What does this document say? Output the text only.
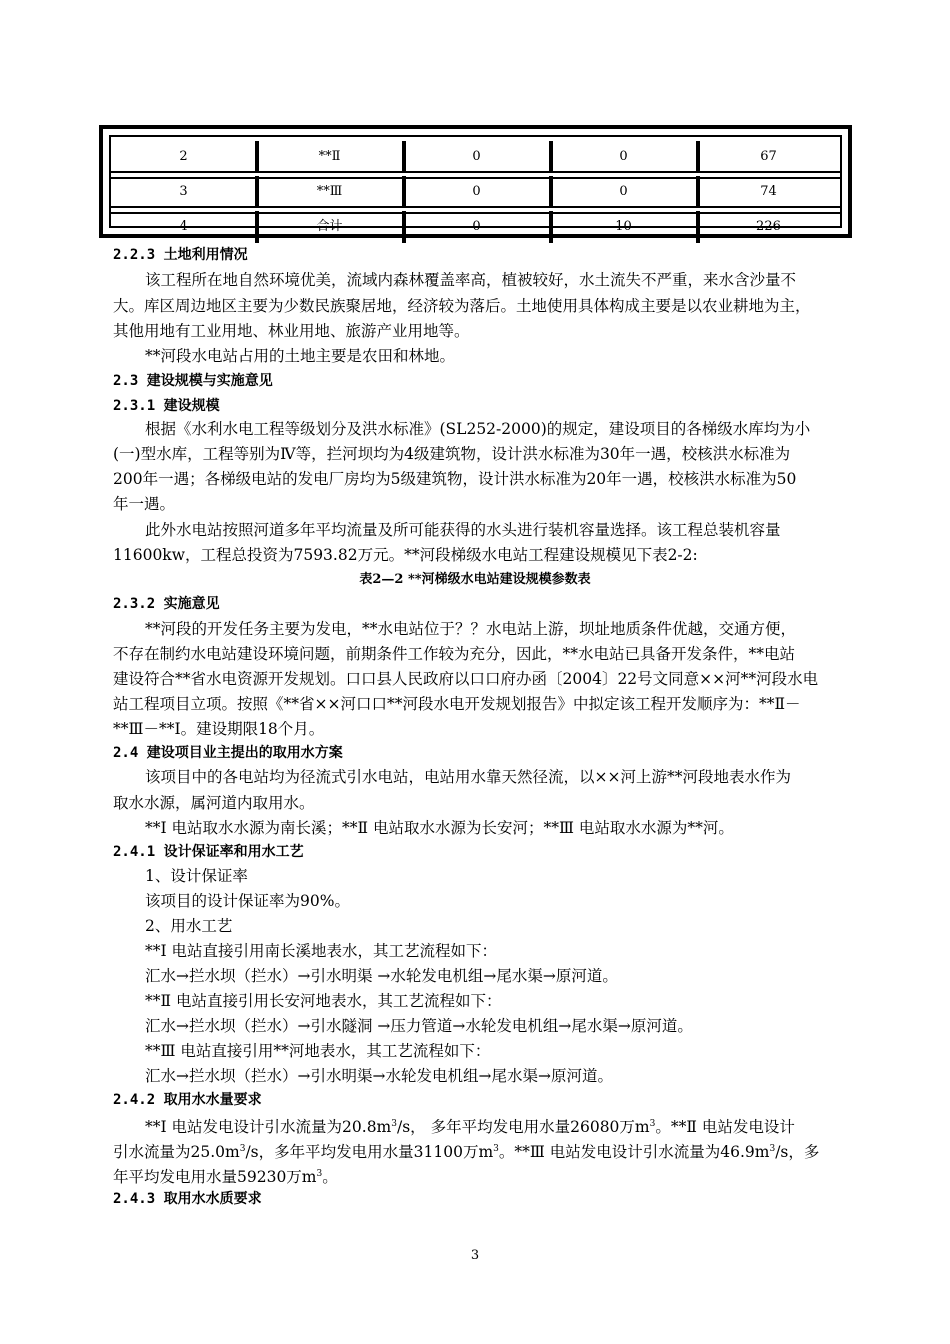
2	**Ⅱ	0	0	67
3	**Ⅲ	0	0	74
4	合计	0	10	226
2.2.3 土地利用情况
该工程所在地自然环境优美，流域内森林覆盖率高，植被较好，水土流失不严重，来水含沙量不
大。库区周边地区主要为少数民族聚居地，经济较为落后。土地使用具体构成主要是以农业耕地为主，
其他用地有工业用地、林业用地、旅游产业用地等。
**河段水电站占用的土地主要是农田和林地。
2.3 建设规模与实施意见
2.3.1 建设规模
根据《水利水电工程等级划分及洪水标准》(SL252-2000)的规定，建设项目的各梯级水库均为小
(一)型水库，工程等别为Ⅳ等，拦河坝均为4级建筑物，设计洪水标准为30年一遇，校核洪水标准为
200年一遇；各梯级电站的发电厂房均为5级建筑物，设计洪水标准为20年一遇，校核洪水标准为50
年一遇。
此外水电站按照河道多年平均流量及所可能获得的水头进行装机容量选择。该工程总装机容量
11600kw，工程总投资为7593.82万元。**河段梯级水电站工程建设规模见下表2-2:
表2—2 **河梯级水电站建设规模参数表
2.3.2 实施意见
**河段的开发任务主要为发电，**水电站位于？？水电站上游，坝址地质条件优越，交通方便，
不存在制约水电站建设环境问题，前期条件工作较为充分，因此，**水电站已具备开发条件，**电站
建设符合**省水电资源开发规划。口口县人民政府以口口府办函〔2004〕22号文同意××河**河段水电
站工程项目立项。按照《**省××河口口**河段水电开发规划报告》中拟定该工程开发顺序为：**Ⅱ－
**Ⅲ－**Ⅰ。建设期限18个月。
2.4 建设项目业主提出的取用水方案
该项目中的各电站均为径流式引水电站，电站用水靠天然径流，以××河上游**河段地表水作为
取水水源，属河道内取用水。
**Ⅰ 电站取水水源为南长溪；**Ⅱ 电站取水水源为长安河；**Ⅲ 电站取水水源为**河。
2.4.1 设计保证率和用水工艺
1、设计保证率
该项目的设计保证率为90%。
2、用水工艺
**Ⅰ 电站直接引用南长溪地表水，其工艺流程如下：
汇水→拦水坝（拦水）→引水明渠 →水轮发电机组→尾水渠→原河道。
**Ⅱ 电站直接引用长安河地表水，其工艺流程如下：
汇水→拦水坝（拦水）→引水隧洞 →压力管道→水轮发电机组→尾水渠→原河道。
**Ⅲ 电站直接引用**河地表水，其工艺流程如下：
汇水→拦水坝（拦水）→引水明渠→水轮发电机组→尾水渠→原河道。
2.4.2 取用水水量要求
**Ⅰ 电站发电设计引水流量为$20.8m^3/s$， 多年平均发电用水量26080万$m^3$。**Ⅱ 电站发电设计
引水流量为$25.0m^3/s$，多年平均发电用水量31100万$m^3$。**Ⅲ 电站发电设计引水流量为$46.9m^3/s$，多
年平均发电用水量59230万$m^3$。
2.4.3 取用水水质要求
3
